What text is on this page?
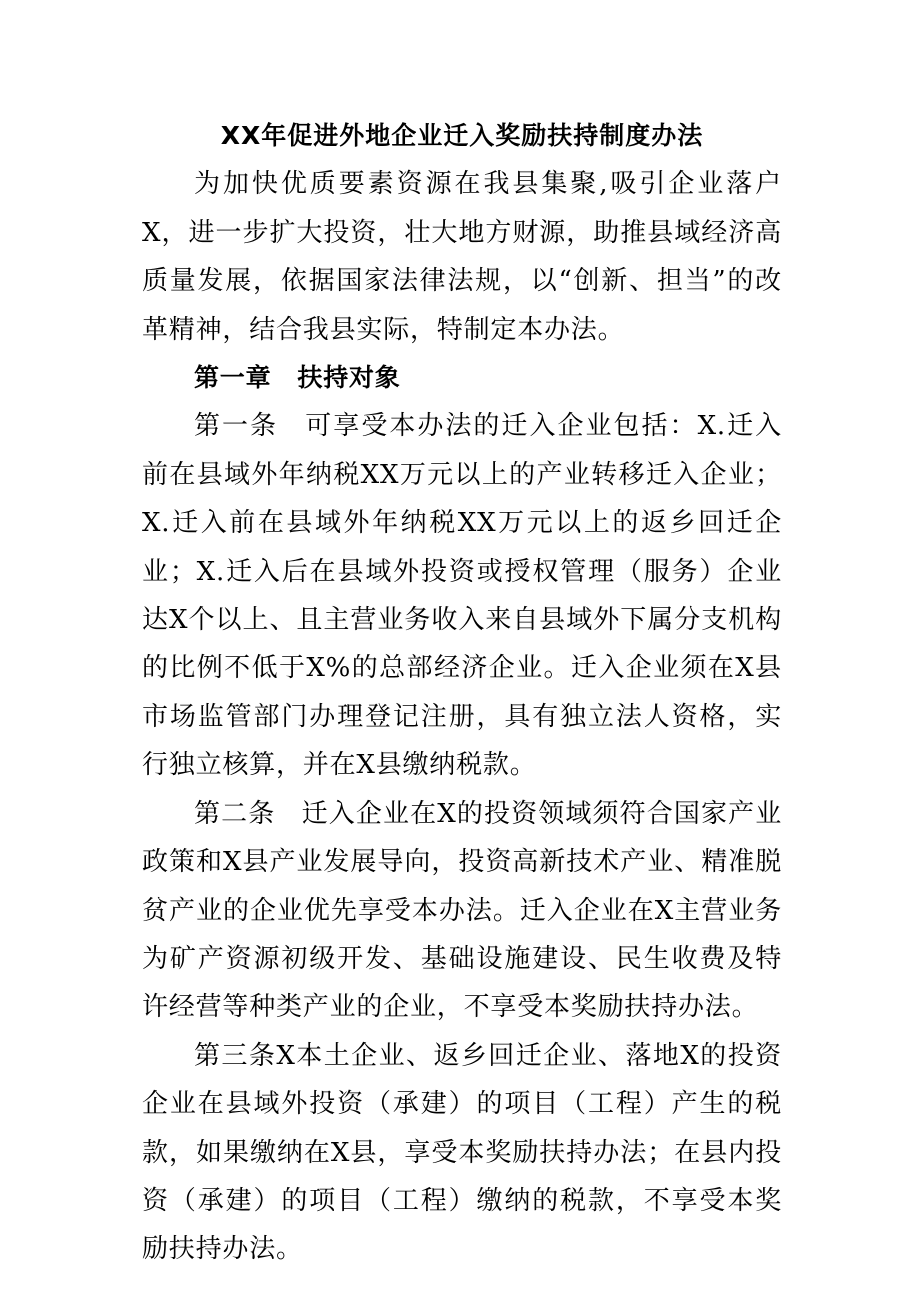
XX年促进外地企业迁入奖励扶持制度办法

为加快优质要素资源在我县集聚,吸引企业落户X，进一步扩大投资，壮大地方财源，助推县域经济高质量发展，依据国家法律法规，以“创新、担当”的改革精神，结合我县实际，特制定本办法。

第一章 扶持对象

第一条 可享受本办法的迁入企业包括：X.迁入前在县域外年纳税XX万元以上的产业转移迁入企业；X.迁入前在县域外年纳税XX万元以上的返乡回迁企业；X.迁入后在县域外投资或授权管理（服务）企业达X个以上、且主营业务收入来自县域外下属分支机构的比例不低于X%的总部经济企业。迁入企业须在X县市场监管部门办理登记注册，具有独立法人资格，实行独立核算，并在X县缴纳税款。

第二条 迁入企业在X的投资领域须符合国家产业政策和X县产业发展导向，投资高新技术产业、精准脱贫产业的企业优先享受本办法。迁入企业在X主营业务为矿产资源初级开发、基础设施建设、民生收费及特许经营等种类产业的企业，不享受本奖励扶持办法。

第三条X本土企业、返乡回迁企业、落地X的投资企业在县域外投资（承建）的项目（工程）产生的税款，如果缴纳在X县，享受本奖励扶持办法；在县内投资（承建）的项目（工程）缴纳的税款，不享受本奖励扶持办法。
